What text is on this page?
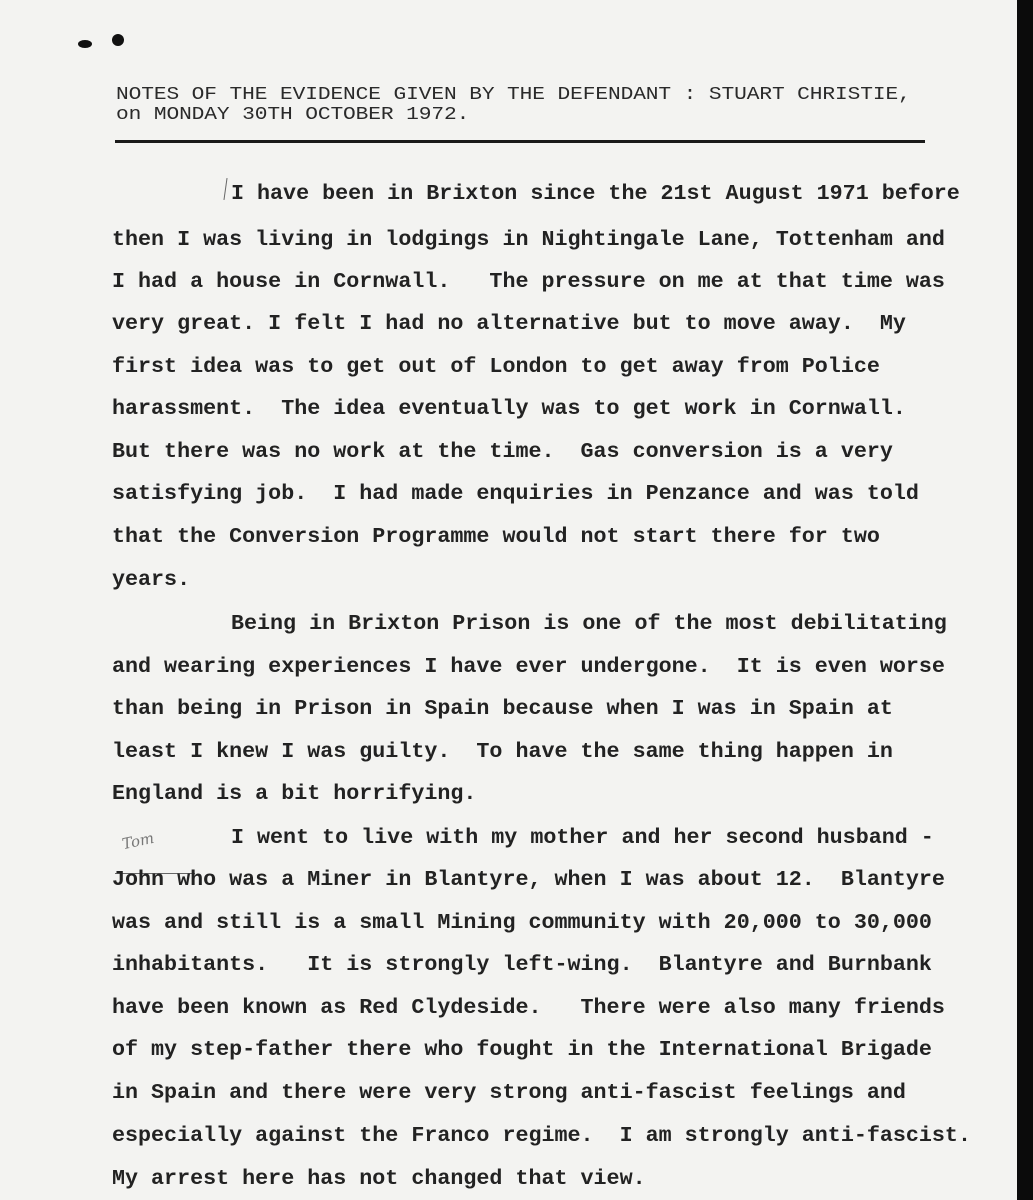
NOTES OF THE EVIDENCE GIVEN BY THE DEFENDANT : STUART CHRISTIE,
on MONDAY 30TH OCTOBER 1972.
Tom
I have been in Brixton since the 21st August 1971 before
then I was living in lodgings in Nightingale Lane, Tottenham and
I had a house in Cornwall.   The pressure on me at that time was
very great. I felt I had no alternative but to move away.  My
first idea was to get out of London to get away from Police
harassment.  The idea eventually was to get work in Cornwall.
But there was no work at the time.  Gas conversion is a very
satisfying job.  I had made enquiries in Penzance and was told
that the Conversion Programme would not start there for two
years.
Being in Brixton Prison is one of the most debilitating
and wearing experiences I have ever undergone.  It is even worse
than being in Prison in Spain because when I was in Spain at
least I knew I was guilty.  To have the same thing happen in
England is a bit horrifying.
I went to live with my mother and her second husband -
John who was a Miner in Blantyre, when I was about 12.  Blantyre
was and still is a small Mining community with 20,000 to 30,000
inhabitants.   It is strongly left-wing.  Blantyre and Burnbank
have been known as Red Clydeside.   There were also many friends
of my step-father there who fought in the International Brigade
in Spain and there were very strong anti-fascist feelings and
especially against the Franco regime.  I am strongly anti-fascist.
My arrest here has not changed that view.
